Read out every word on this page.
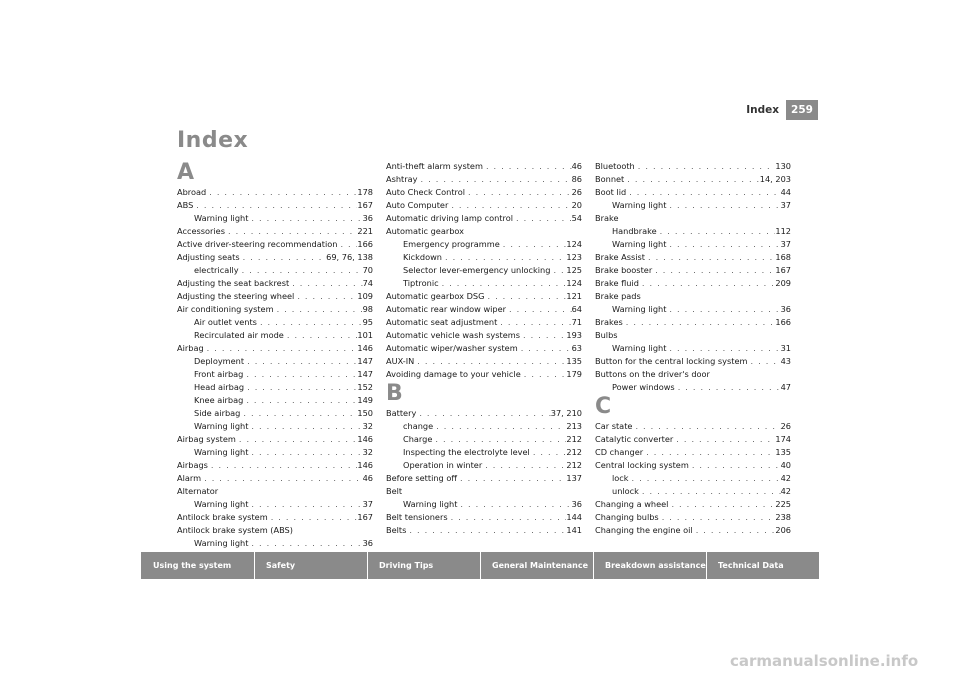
Index	259
Index
A
Abroad . . .	178
ABS . . .	167
Warning light . . .	36
Accessories . . .	221
Active driver-steering recommendation . . . 166
Adjusting seats . . .	69, 76, 138
electrically . . .	70
Adjusting the seat backrest . . .	74
Adjusting the steering wheel . . .	109
Air conditioning system . . .	98
Air outlet vents . . .	95
Recirculated air mode . . .	101
Airbag . . .	146
Deployment . . .	147
Front airbag . . .	147
Head airbag . . .	152
Knee airbag . . .	149
Side airbag . . .	150
Warning light . . .	32
Airbag system . . .	146
Warning light . . .	32
Airbags . . .	146
Alarm . . .	46
Alternator
Warning light . . .	37
Antilock brake system . . .	167
Antilock brake system (ABS)
Warning light . . .	36
Anti-theft alarm system . . .	46
Ashtray . . .	86
Auto Check Control . . .	26
Auto Computer . . .	20
Automatic driving lamp control . . .	54
Automatic gearbox
Emergency programme . . .	124
Kickdown . . .	123
Selector lever-emergency unlocking . . . 125
Tiptronic . . .	124
Automatic gearbox DSG . . .	121
Automatic rear window wiper . . .	64
Automatic seat adjustment . . .	71
Automatic vehicle wash systems . . .	193
Automatic wiper/washer system . . .	63
AUX-IN . . .	135
Avoiding damage to your vehicle . . .	179
B
Battery . . .	37, 210
change . . .	213
Charge . . .	212
Inspecting the electrolyte level . . .	212
Operation in winter . . .	212
Before setting off . . .	137
Belt
Warning light . . .	36
Belt tensioners . . .	144
Belts . . .	141
Bluetooth . . .	130
Bonnet . . .	14, 203
Boot lid . . .	44
Warning light . . .	37
Brake
Handbrake . . .	112
Warning light . . .	37
Brake Assist . . .	168
Brake booster . . .	167
Brake fluid . . .	209
Brake pads
Warning light . . .	36
Brakes . . .	166
Bulbs
Warning light . . .	31
Button for the central locking system . . .	43
Buttons on the driver's door
Power windows . . .	47
C
Car state . . .	26
Catalytic converter . . .	174
CD changer . . .	135
Central locking system . . .	40
lock . . .	42
unlock . . .	42
Changing a wheel . . .	225
Changing bulbs . . .	238
Changing the engine oil . . .	206
Using the system	Safety	Driving Tips	General Maintenance	Breakdown assistance	Technical Data
carmanualsonline.info
